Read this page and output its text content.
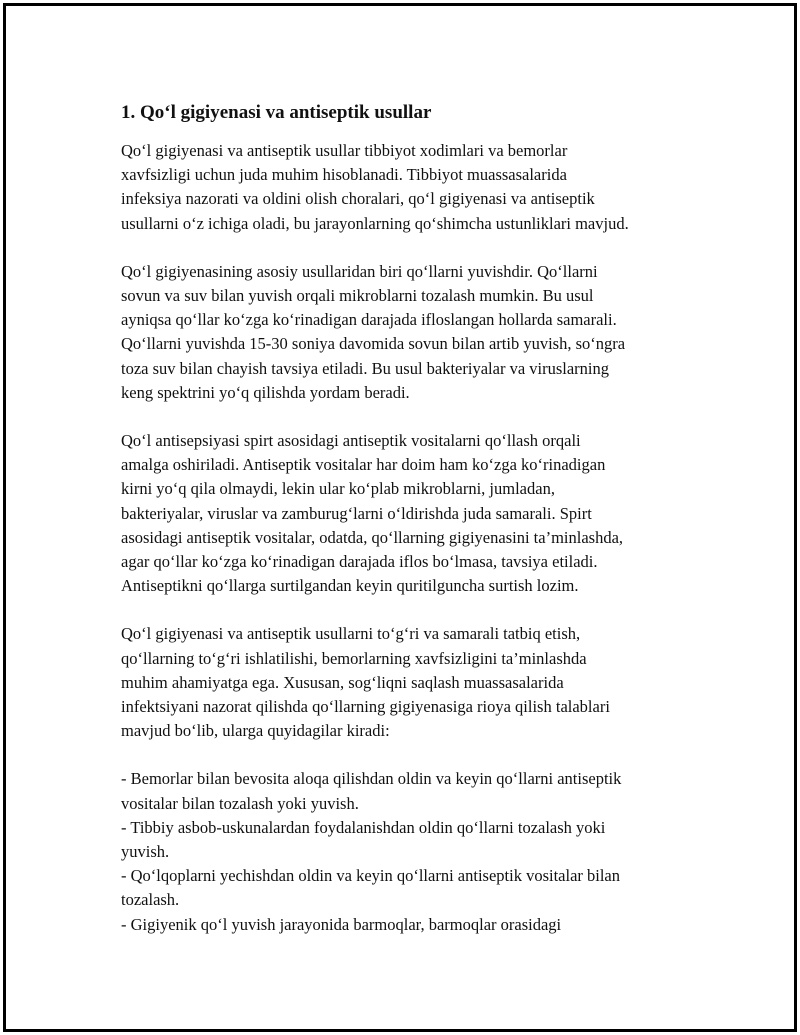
1. Qo‘l gigiyenasi va antiseptik usullar

Qo‘l gigiyenasi va antiseptik usullar tibbiyot xodimlari va bemorlar
xavfsizligi uchun juda muhim hisoblanadi. Tibbiyot muassasalarida
infeksiya nazorati va oldini olish choralari, qo‘l gigiyenasi va antiseptik
usullarni o‘z ichiga oladi, bu jarayonlarning qo‘shimcha ustunliklari mavjud.

Qo‘l gigiyenasining asosiy usullaridan biri qo‘llarni yuvishdir. Qo‘llarni
sovun va suv bilan yuvish orqali mikroblarni tozalash mumkin. Bu usul
ayniqsa qo‘llar ko‘zga ko‘rinadigan darajada ifloslangan hollarda samarali.
Qo‘llarni yuvishda 15-30 soniya davomida sovun bilan artib yuvish, so‘ngra
toza suv bilan chayish tavsiya etiladi. Bu usul bakteriyalar va viruslarning
keng spektrini yo‘q qilishda yordam beradi.

Qo‘l antisepsiyasi spirt asosidagi antiseptik vositalarni qo‘llash orqali
amalga oshiriladi. Antiseptik vositalar har doim ham ko‘zga ko‘rinadigan
kirni yo‘q qila olmaydi, lekin ular ko‘plab mikroblarni, jumladan,
bakteriyalar, viruslar va zamburug‘larni o‘ldirishda juda samarali. Spirt
asosidagi antiseptik vositalar, odatda, qo‘llarning gigiyenasini ta’minlashda,
agar qo‘llar ko‘zga ko‘rinadigan darajada iflos bo‘lmasa, tavsiya etiladi.
Antiseptikni qo‘llarga surtilgandan keyin quritilguncha surtish lozim.

Qo‘l gigiyenasi va antiseptik usullarni to‘g‘ri va samarali tatbiq etish,
qo‘llarning to‘g‘ri ishlatilishi, bemorlarning xavfsizligini ta’minlashda
muhim ahamiyatga ega. Xususan, sog‘liqni saqlash muassasalarida
infektsiyani nazorat qilishda qo‘llarning gigiyenasiga rioya qilish talablari
mavjud bo‘lib, ularga quyidagilar kiradi:

- Bemorlar bilan bevosita aloqa qilishdan oldin va keyin qo‘llarni antiseptik
vositalar bilan tozalash yoki yuvish.
- Tibbiy asbob-uskunalardan foydalanishdan oldin qo‘llarni tozalash yoki
yuvish.
- Qo‘lqoplarni yechishdan oldin va keyin qo‘llarni antiseptik vositalar bilan
tozalash.
- Gigiyenik qo‘l yuvish jarayonida barmoqlar, barmoqlar orasidagi
